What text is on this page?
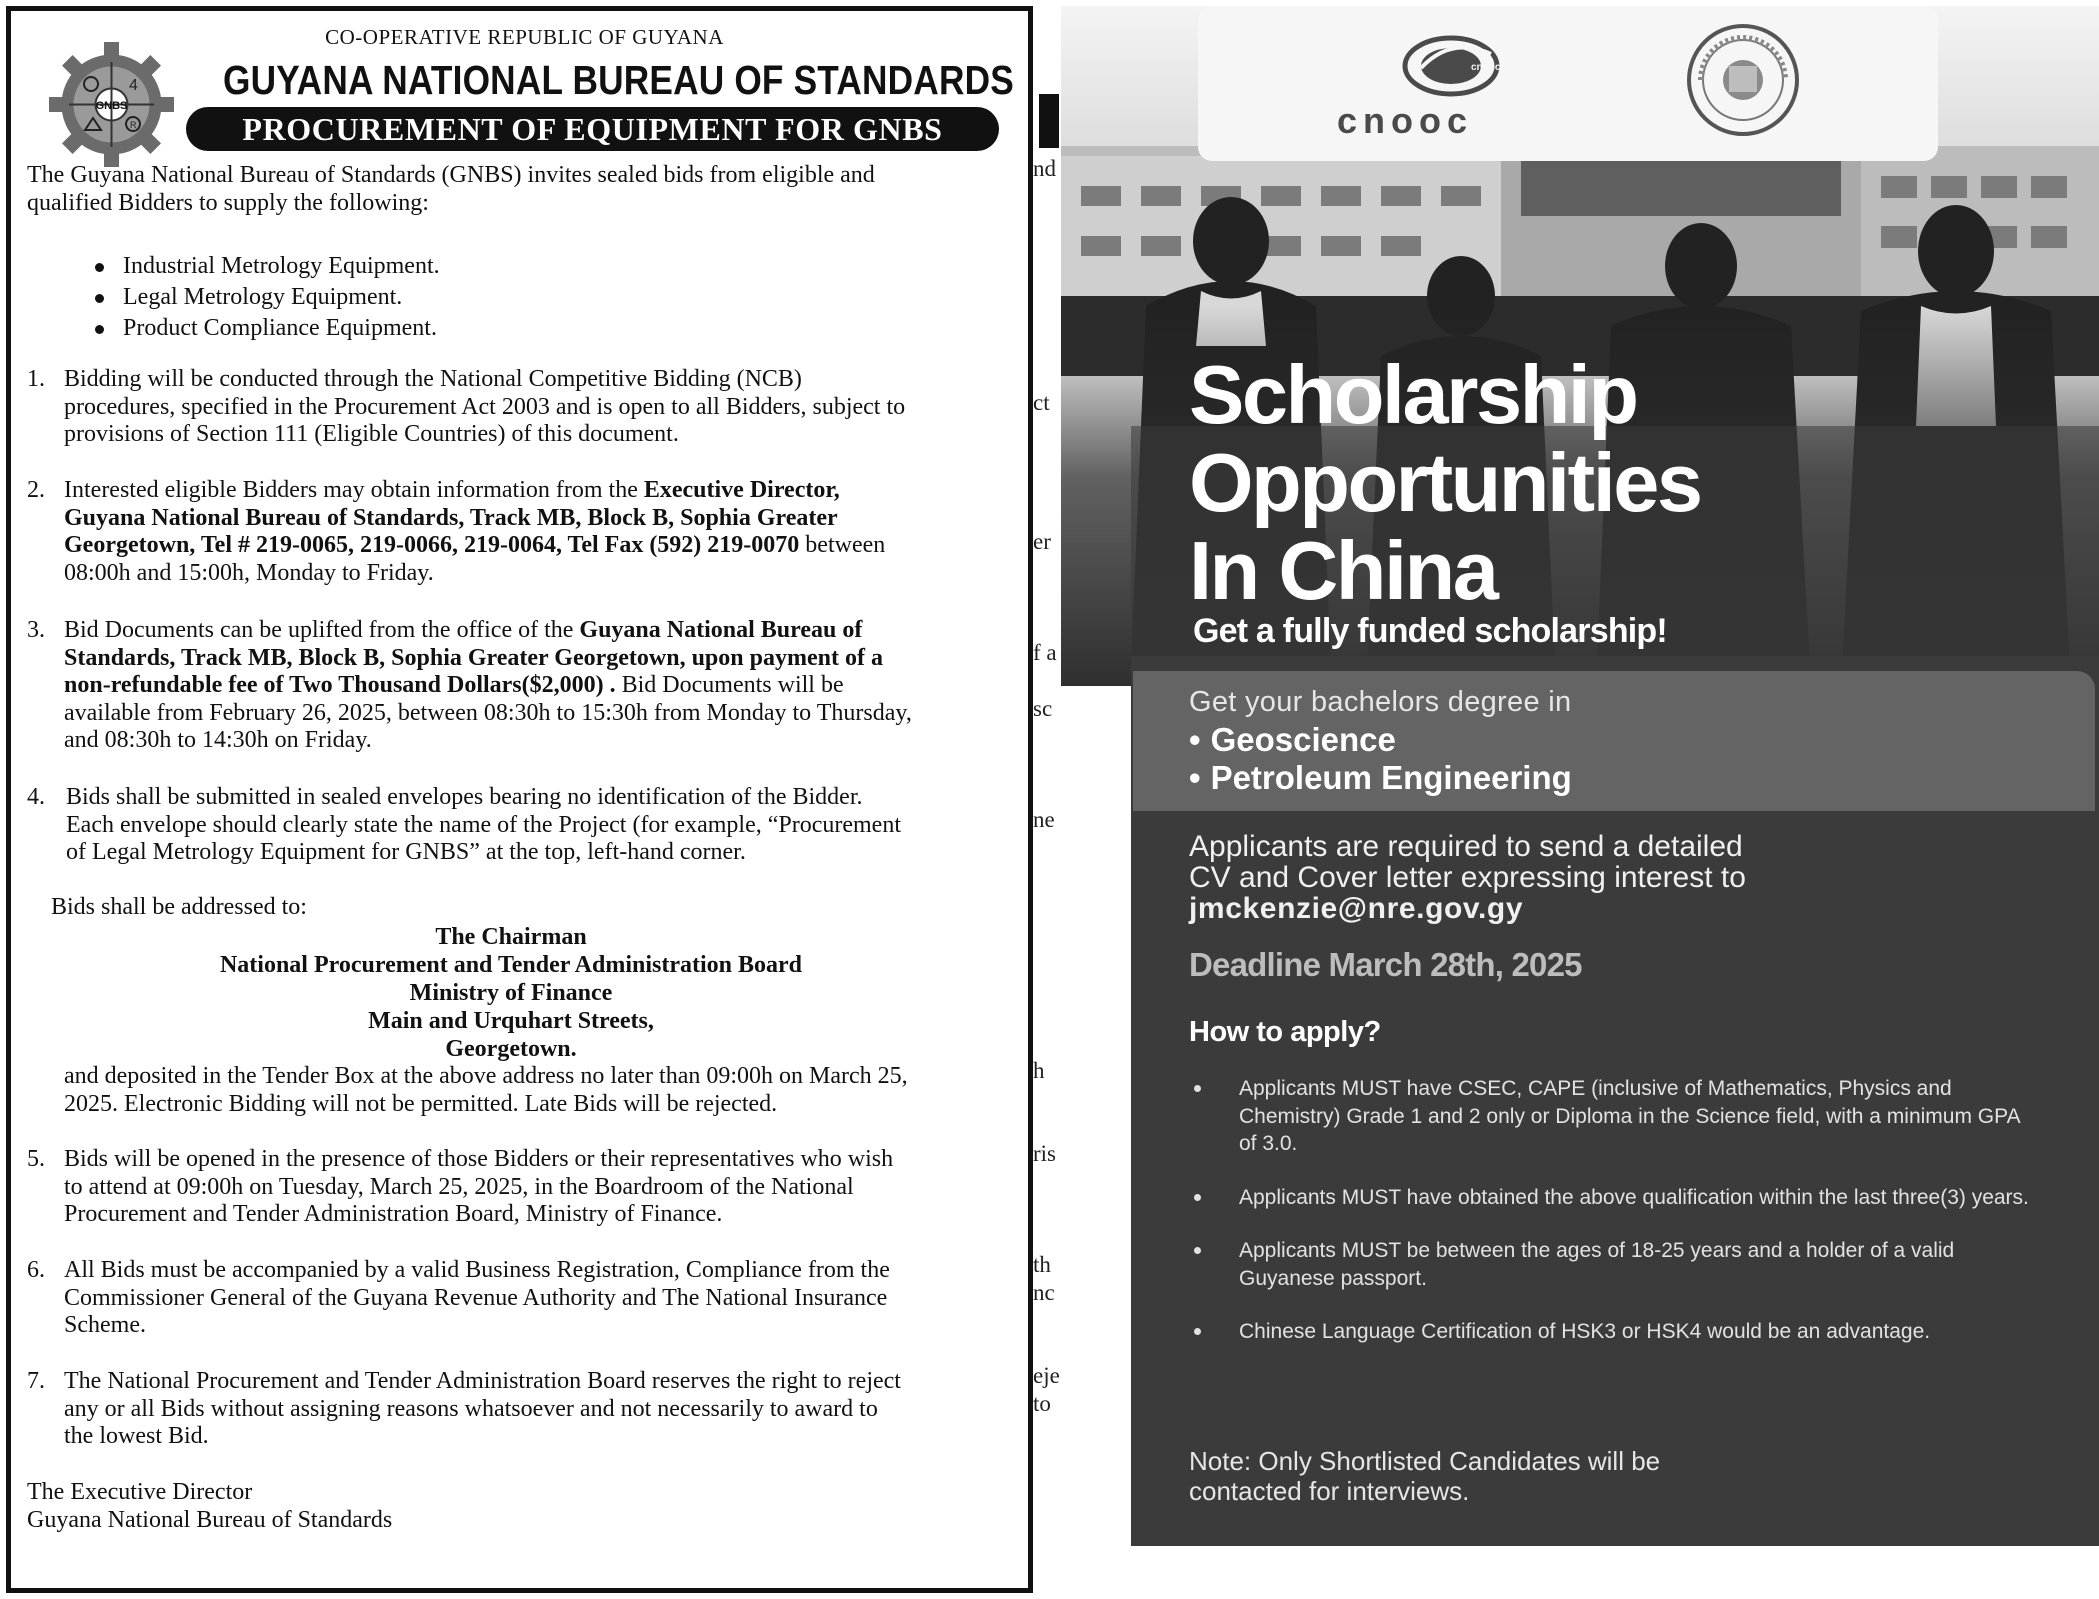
4
R
GNBS
CO-OPERATIVE REPUBLIC OF GUYANA
GUYANA NATIONAL BUREAU OF STANDARDS
PROCUREMENT OF EQUIPMENT FOR GNBS
The Guyana National Bureau of Standards (GNBS) invites sealed bids from eligible and
qualified Bidders to supply the following:
Industrial Metrology Equipment.
Legal Metrology Equipment.
Product Compliance Equipment.
1. Bidding will be conducted through the National Competitive Bidding (NCB)
procedures, specified in the Procurement Act 2003 and is open to all Bidders, subject to
provisions of Section 111 (Eligible Countries) of this document.
2. Interested eligible Bidders may obtain information from the Executive Director,
Guyana National Bureau of Standards, Track MB, Block B, Sophia Greater
Georgetown, Tel # 219-0065, 219-0066, 219-0064, Tel Fax (592) 219-0070 between
08:00h and 15:00h, Monday to Friday.
3. Bid Documents can be uplifted from the office of the Guyana National Bureau of
Standards, Track MB, Block B, Sophia Greater Georgetown, upon payment of a
non-refundable fee of Two Thousand Dollars($2,000) . Bid Documents will be
available from February 26, 2025, between 08:30h to 15:30h from Monday to Thursday,
and 08:30h to 14:30h on Friday.
4. Bids shall be submitted in sealed envelopes bearing no identification of the Bidder.
Each envelope should clearly state the name of the Project (for example, “Procurement
of Legal Metrology Equipment for GNBS” at the top, left-hand corner.
Bids shall be addressed to:
The Chairman
National Procurement and Tender Administration Board
Ministry of Finance
Main and Urquhart Streets,
Georgetown.
and deposited in the Tender Box at the above address no later than 09:00h on March 25,
2025. Electronic Bidding will not be permitted. Late Bids will be rejected.
5. Bids will be opened in the presence of those Bidders or their representatives who wish
to attend at 09:00h on Tuesday, March 25, 2025, in the Boardroom of the National
Procurement and Tender Administration Board, Ministry of Finance.
6. All Bids must be accompanied by a valid Business Registration, Compliance from the
Commissioner General of the Guyana Revenue Authority and The National Insurance
Scheme.
7. The National Procurement and Tender Administration Board reserves the right to reject
any or all Bids without assigning reasons whatsoever and not necessarily to award to
the lowest Bid.
The Executive Director
Guyana National Bureau of Standards
nd
ct
er
f a
sc
ne
h
ris
th
nc
eje
to
cnooc
cnooc
Scholarship
Opportunities
In China
Get a fully funded scholarship!
Get your bachelors degree in
• Geoscience
• Petroleum Engineering
Applicants are required to send a detailed
CV and Cover letter expressing interest to
jmckenzie@nre.gov.gy
Deadline March 28th, 2025
How to apply?
Applicants MUST have CSEC, CAPE (inclusive of Mathematics, Physics and Chemistry) Grade 1 and 2 only or Diploma in the Science field, with a minimum GPA of 3.0.
Applicants MUST have obtained the above qualification within the last three(3) years.
Applicants MUST be between the ages of 18-25 years and a holder of a valid Guyanese passport.
Chinese Language Certification of HSK3 or HSK4 would be an advantage.
Note: Only Shortlisted Candidates will be
contacted for interviews.
